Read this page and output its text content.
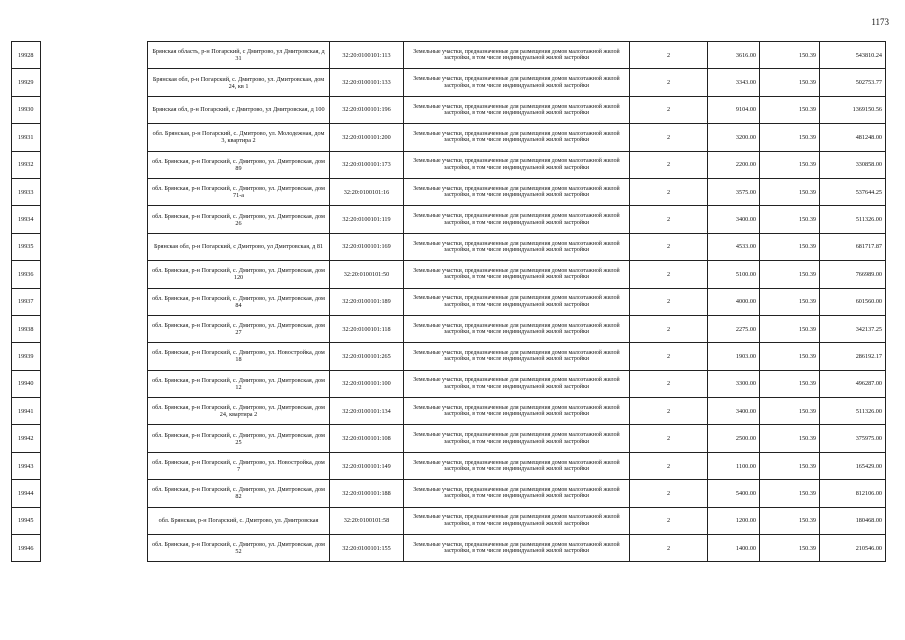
1173
19928		Брянская область, р-н Погарский, с Дмитрово, ул Дмитровская, д 31	32:20:0100101:113	Земельные участки, предназначенные для размещения домов малоэтажной жилой застройки, в том числе индивидуальной жилой застройки	2	3616.00	150.39	543810.24
19929		Брянская обл, р-н Погарский, с. Дмитрово, ул. Дмитровская, дом 24, кв 1	32:20:0100101:133	Земельные участки, предназначенные для размещения домов малоэтажной жилой застройки, в том числе индивидуальной жилой застройки	2	3343.00	150.39	502753.77
19930		Брянская обл, р-н Погарский, с Дмитрово, ул Дмитровская, д 100	32:20:0100101:196	Земельные участки, предназначенные для размещения домов малоэтажной жилой застройки, в том числе индивидуальной жилой застройки	2	9104.00	150.39	1369150.56
19931		обл. Брянская, р-н Погарский, с. Дмитрово, ул. Молодежная, дом 3, квартира 2	32:20:0100101:200	Земельные участки, предназначенные для размещения домов малоэтажной жилой застройки, в том числе индивидуальной жилой застройки	2	3200.00	150.39	481248.00
19932		обл. Брянская, р-н Погарский, с. Дмитрово, ул. Дмитровская, дом 89	32:20:0100101:173	Земельные участки, предназначенные для размещения домов малоэтажной жилой застройки, в том числе индивидуальной жилой застройки	2	2200.00	150.39	330858.00
19933		обл. Брянская, р-н Погарский, с. Дмитрово, ул. Дмитровская, дом 71-а	32:20:0100101:16	Земельные участки, предназначенные для размещения домов малоэтажной жилой застройки, в том числе индивидуальной жилой застройки	2	3575.00	150.39	537644.25
19934		обл. Брянская, р-н Погарский, с. Дмитрово, ул. Дмитровская, дом 26	32:20:0100101:119	Земельные участки, предназначенные для размещения домов малоэтажной жилой застройки, в том числе индивидуальной жилой застройки	2	3400.00	150.39	511326.00
19935		Брянская обл, р-н Погарский, с Дмитрово, ул Дмитровская, д 81	32:20:0100101:169	Земельные участки, предназначенные для размещения домов малоэтажной жилой застройки, в том числе индивидуальной жилой застройки	2	4533.00	150.39	681717.87
19936		обл. Брянская, р-н Погарский, с. Дмитрово, ул. Дмитровская, дом 120	32:20:0100101:50	Земельные участки, предназначенные для размещения домов малоэтажной жилой застройки, в том числе индивидуальной жилой застройки	2	5100.00	150.39	766989.00
19937		обл. Брянская, р-н Погарский, с. Дмитрово, ул. Дмитровская, дом 84	32:20:0100101:189	Земельные участки, предназначенные для размещения домов малоэтажной жилой застройки, в том числе индивидуальной жилой застройки	2	4000.00	150.39	601560.00
19938		обл. Брянская, р-н Погарский, с. Дмитрово, ул. Дмитровская, дом 27	32:20:0100101:118	Земельные участки, предназначенные для размещения домов малоэтажной жилой застройки, в том числе индивидуальной жилой застройки	2	2275.00	150.39	342137.25
19939		обл. Брянская, р-н Погарский, с. Дмитрово, ул. Новостройка, дом 18	32:20:0100101:265	Земельные участки, предназначенные для размещения домов малоэтажной жилой застройки, в том числе индивидуальной жилой застройки	2	1903.00	150.39	286192.17
19940		обл. Брянская, р-н Погарский, с. Дмитрово, ул. Дмитровская, дом 12	32:20:0100101:100	Земельные участки, предназначенные для размещения домов малоэтажной жилой застройки, в том числе индивидуальной жилой застройки	2	3300.00	150.39	496287.00
19941		обл. Брянская, р-н Погарский, с. Дмитрово, ул. Дмитровская, дом 24, квартира 2	32:20:0100101:134	Земельные участки, предназначенные для размещения домов малоэтажной жилой застройки, в том числе индивидуальной жилой застройки	2	3400.00	150.39	511326.00
19942		обл. Брянская, р-н Погарский, с. Дмитрово, ул. Дмитровская, дом 25	32:20:0100101:108	Земельные участки, предназначенные для размещения домов малоэтажной жилой застройки, в том числе индивидуальной жилой застройки	2	2500.00	150.39	375975.00
19943		обл. Брянская, р-н Погарский, с. Дмитрово, ул. Новостройка, дом 7	32:20:0100101:149	Земельные участки, предназначенные для размещения домов малоэтажной жилой застройки, в том числе индивидуальной жилой застройки	2	1100.00	150.39	165429.00
19944		обл. Брянская, р-н Погарский, с. Дмитрово, ул. Дмитровская, дом 82	32:20:0100101:188	Земельные участки, предназначенные для размещения домов малоэтажной жилой застройки, в том числе индивидуальной жилой застройки	2	5400.00	150.39	812106.00
19945		обл. Брянская, р-н Погарский, с. Дмитрово, ул. Дмитровская	32:20:0100101:58	Земельные участки, предназначенные для размещения домов малоэтажной жилой застройки, в том числе индивидуальной жилой застройки	2	1200.00	150.39	180468.00
19946		обл. Брянская, р-н Погарский, с. Дмитрово, ул. Дмитровская, дом 52	32:20:0100101:155	Земельные участки, предназначенные для размещения домов малоэтажной жилой застройки, в том числе индивидуальной жилой застройки	2	1400.00	150.39	210546.00
